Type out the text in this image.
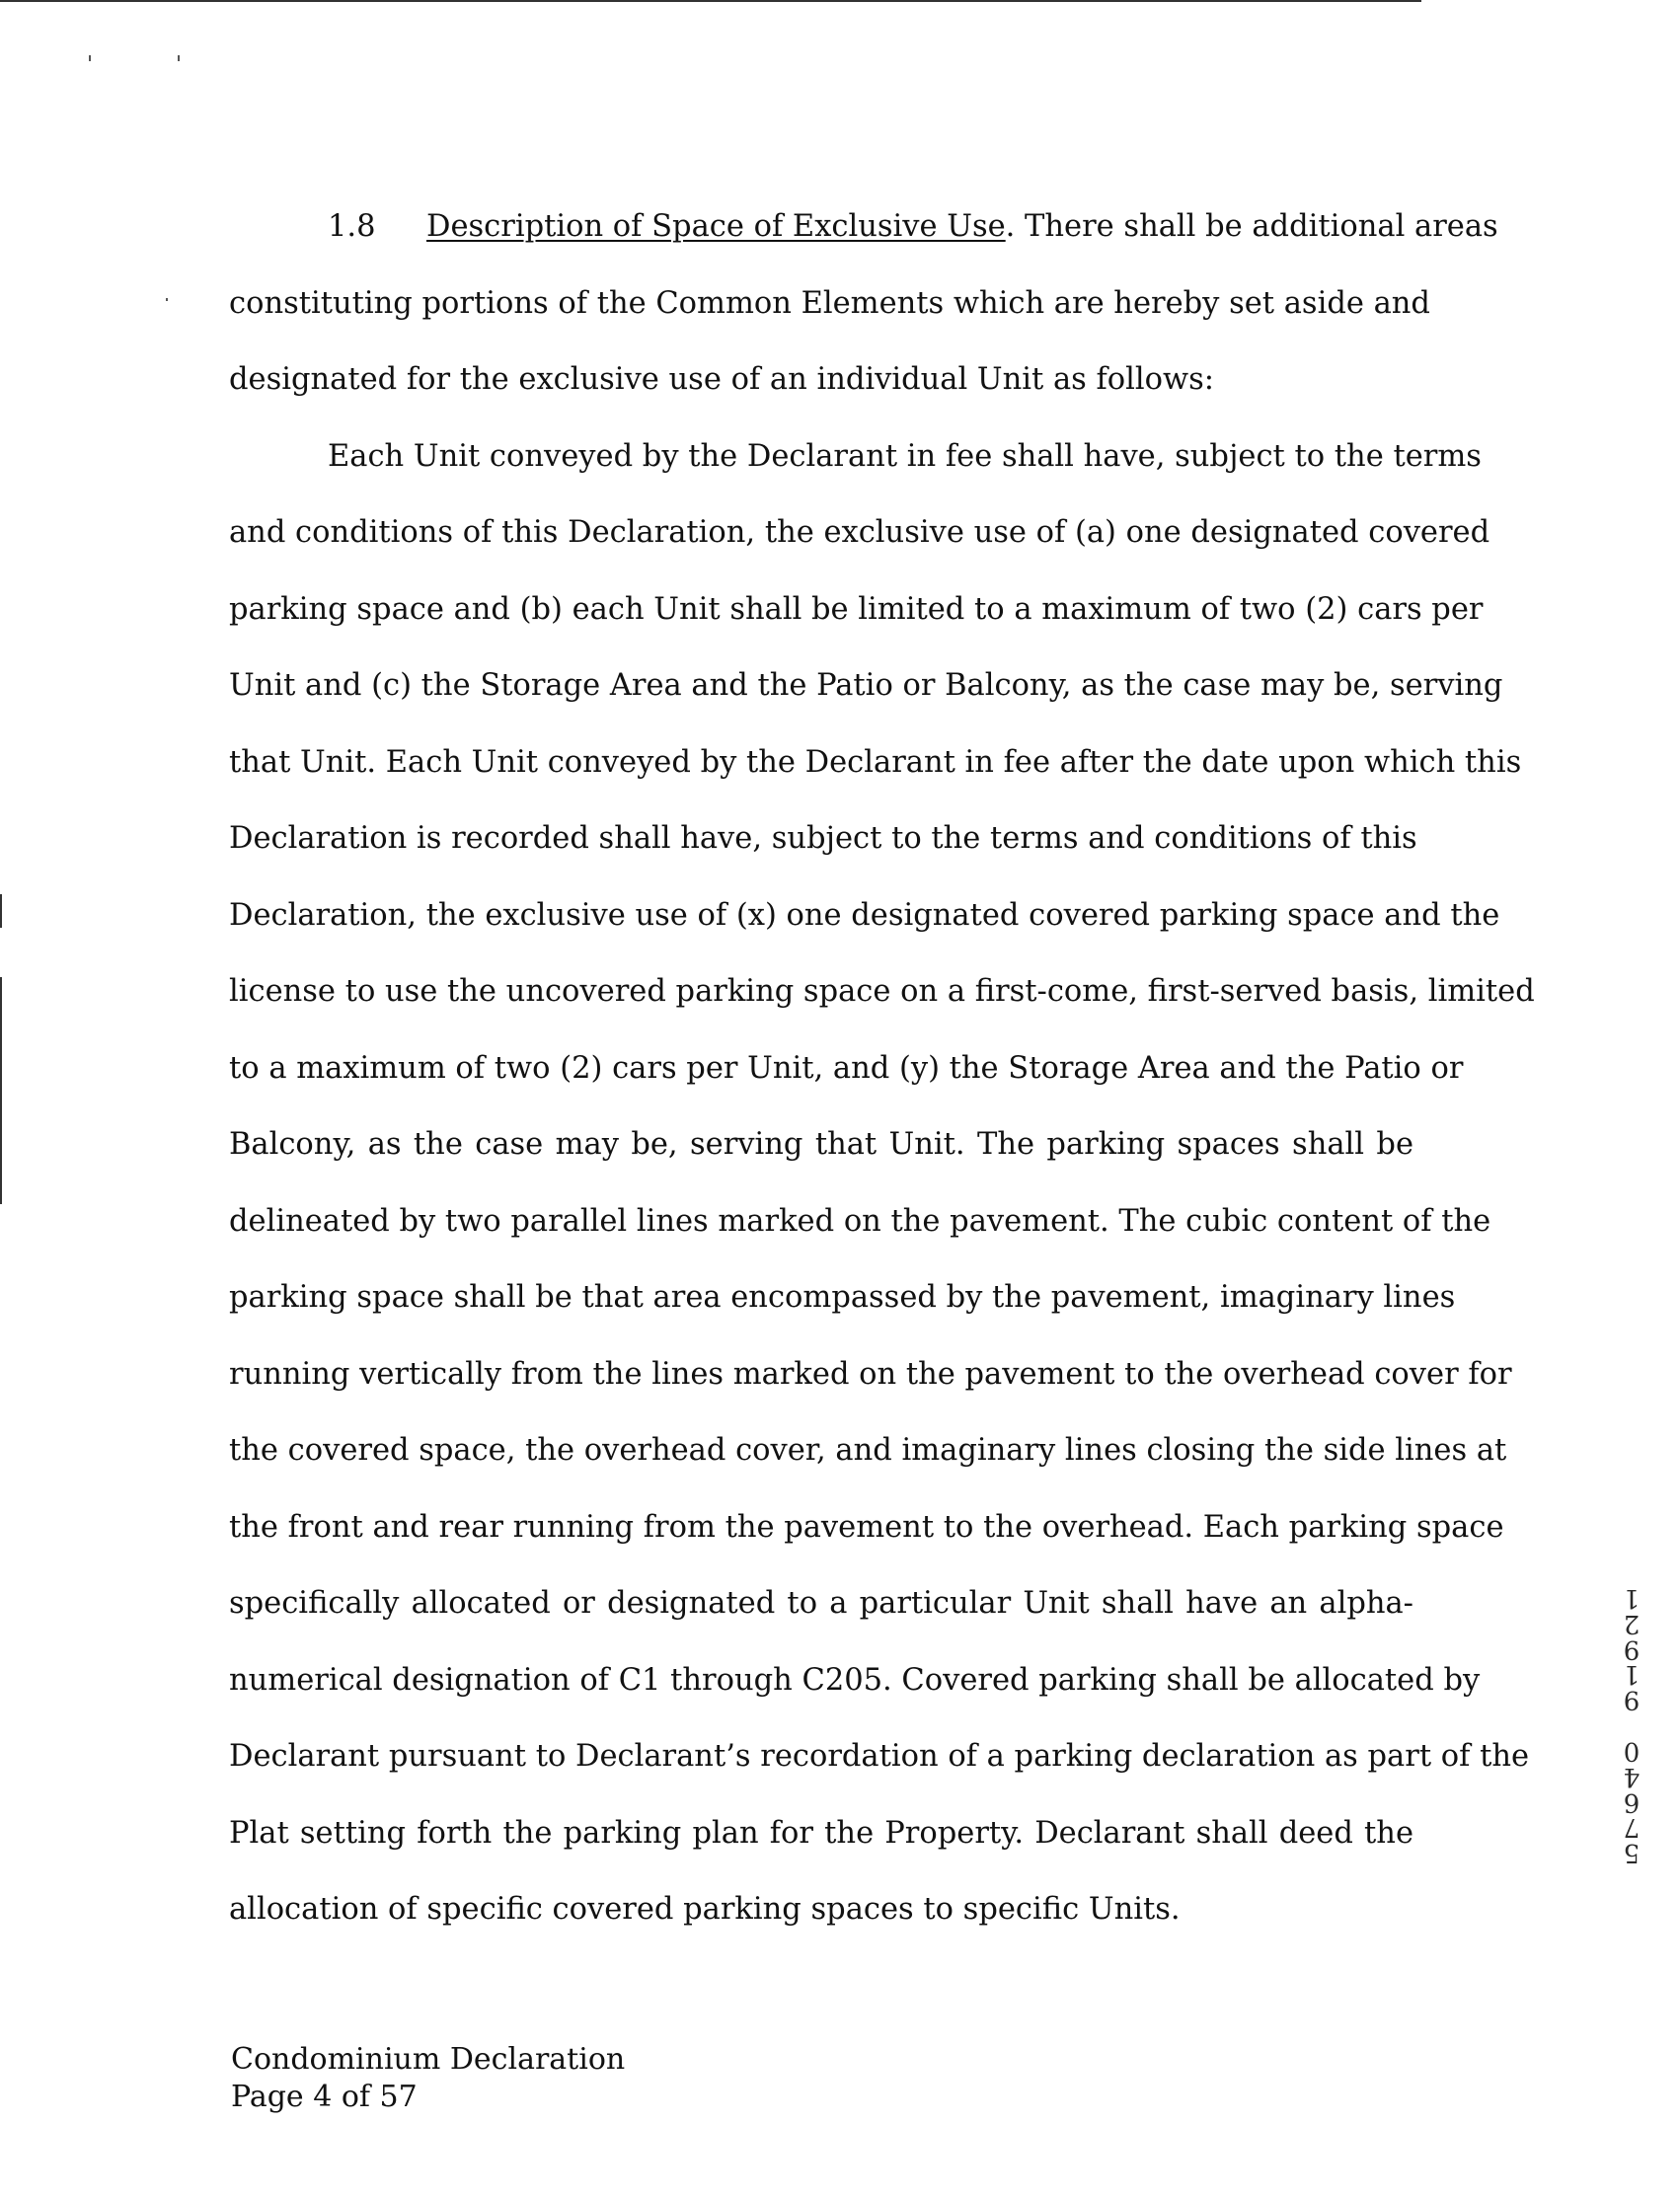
1.8 Description of Space of Exclusive Use. There shall be additional areas
constituting portions of the Common Elements which are hereby set aside and
designated for the exclusive use of an individual Unit as follows:
Each Unit conveyed by the Declarant in fee shall have, subject to the terms
and conditions of this Declaration, the exclusive use of (a) one designated covered
parking space and (b) each Unit shall be limited to a maximum of two (2) cars per
Unit and (c) the Storage Area and the Patio or Balcony, as the case may be, serving
that Unit. Each Unit conveyed by the Declarant in fee after the date upon which this
Declaration is recorded shall have, subject to the terms and conditions of this
Declaration, the exclusive use of (x) one designated covered parking space and the
license to use the uncovered parking space on a first-come, first-served basis, limited
to a maximum of two (2) cars per Unit, and (y) the Storage Area and the Patio or
Balcony, as the case may be, serving that Unit. The parking spaces shall be
delineated by two parallel lines marked on the pavement. The cubic content of the
parking space shall be that area encompassed by the pavement, imaginary lines
running vertically from the lines marked on the pavement to the overhead cover for
the covered space, the overhead cover, and imaginary lines closing the side lines at
the front and rear running from the pavement to the overhead. Each parking space
specifically allocated or designated to a particular Unit shall have an alpha-
numerical designation of C1 through C205. Covered parking shall be allocated by
Declarant pursuant to Declarant’s recordation of a parking declaration as part of the
Plat setting forth the parking plan for the Property. Declarant shall deed the
allocation of specific covered parking spaces to specific Units.
Condominium Declaration
Page 4 of 57
1
2
9
1
9
0
4
6
7
5
